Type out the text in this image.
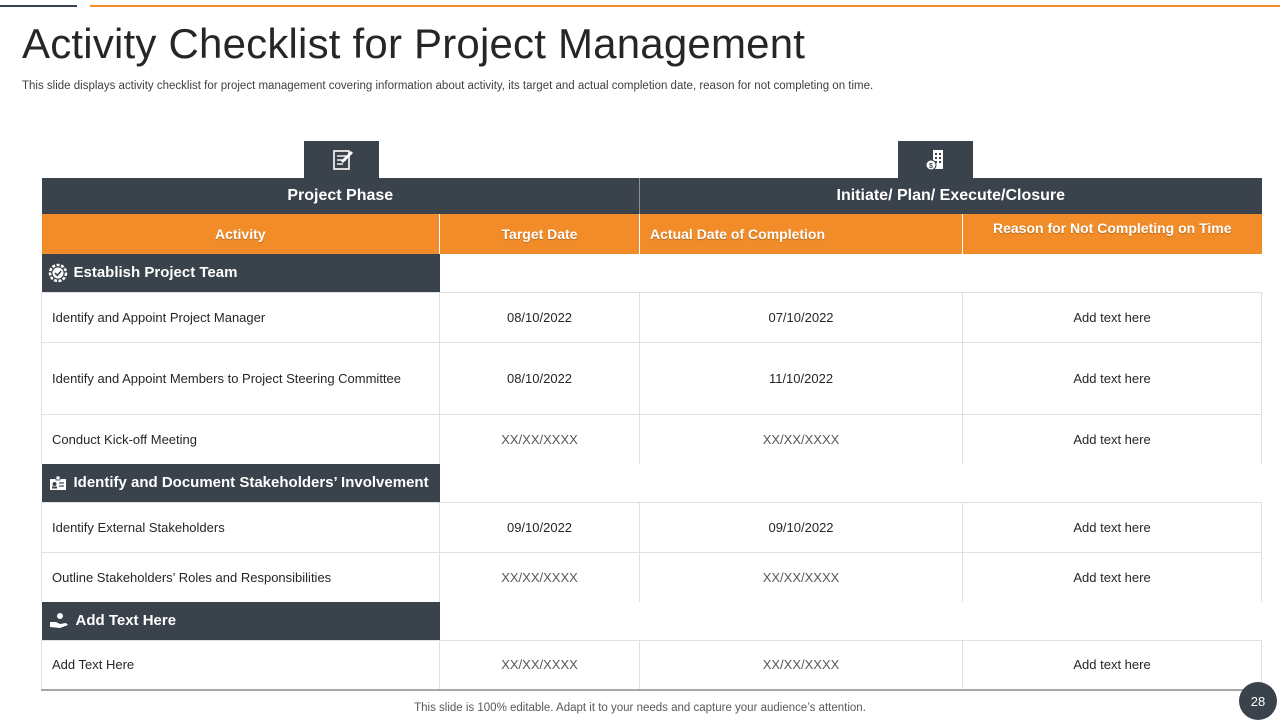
Activity Checklist for Project Management

This slide displays activity checklist for project management covering information about activity, its target and actual completion date, reason for not completing on time.

$
Project Phase		Initiate/ Plan/ Execute/Closure	
Activity	Target Date	Actual Date of Completion	Reason for Not Completing on Time

Establish Project Team			

Identify and Appoint Project Manager	08/10/2022	07/10/2022	Add text here
Identify and Appoint Members to Project Steering Committee	08/10/2022	11/10/2022	Add text here
Conduct Kick-off Meeting	XX/XX/XXXX	XX/XX/XXXX	Add text here

Identify and Document Stakeholders’ Involvement			

Identify External Stakeholders	09/10/2022	09/10/2022	Add text here
Outline Stakeholders’ Roles and Responsibilities	XX/XX/XXXX	XX/XX/XXXX	Add text here

Add Text Here			

Add Text Here	XX/XX/XXXX	XX/XX/XXXX	Add text here

This slide is 100% editable. Adapt it to your needs and capture your audience’s attention.	28
